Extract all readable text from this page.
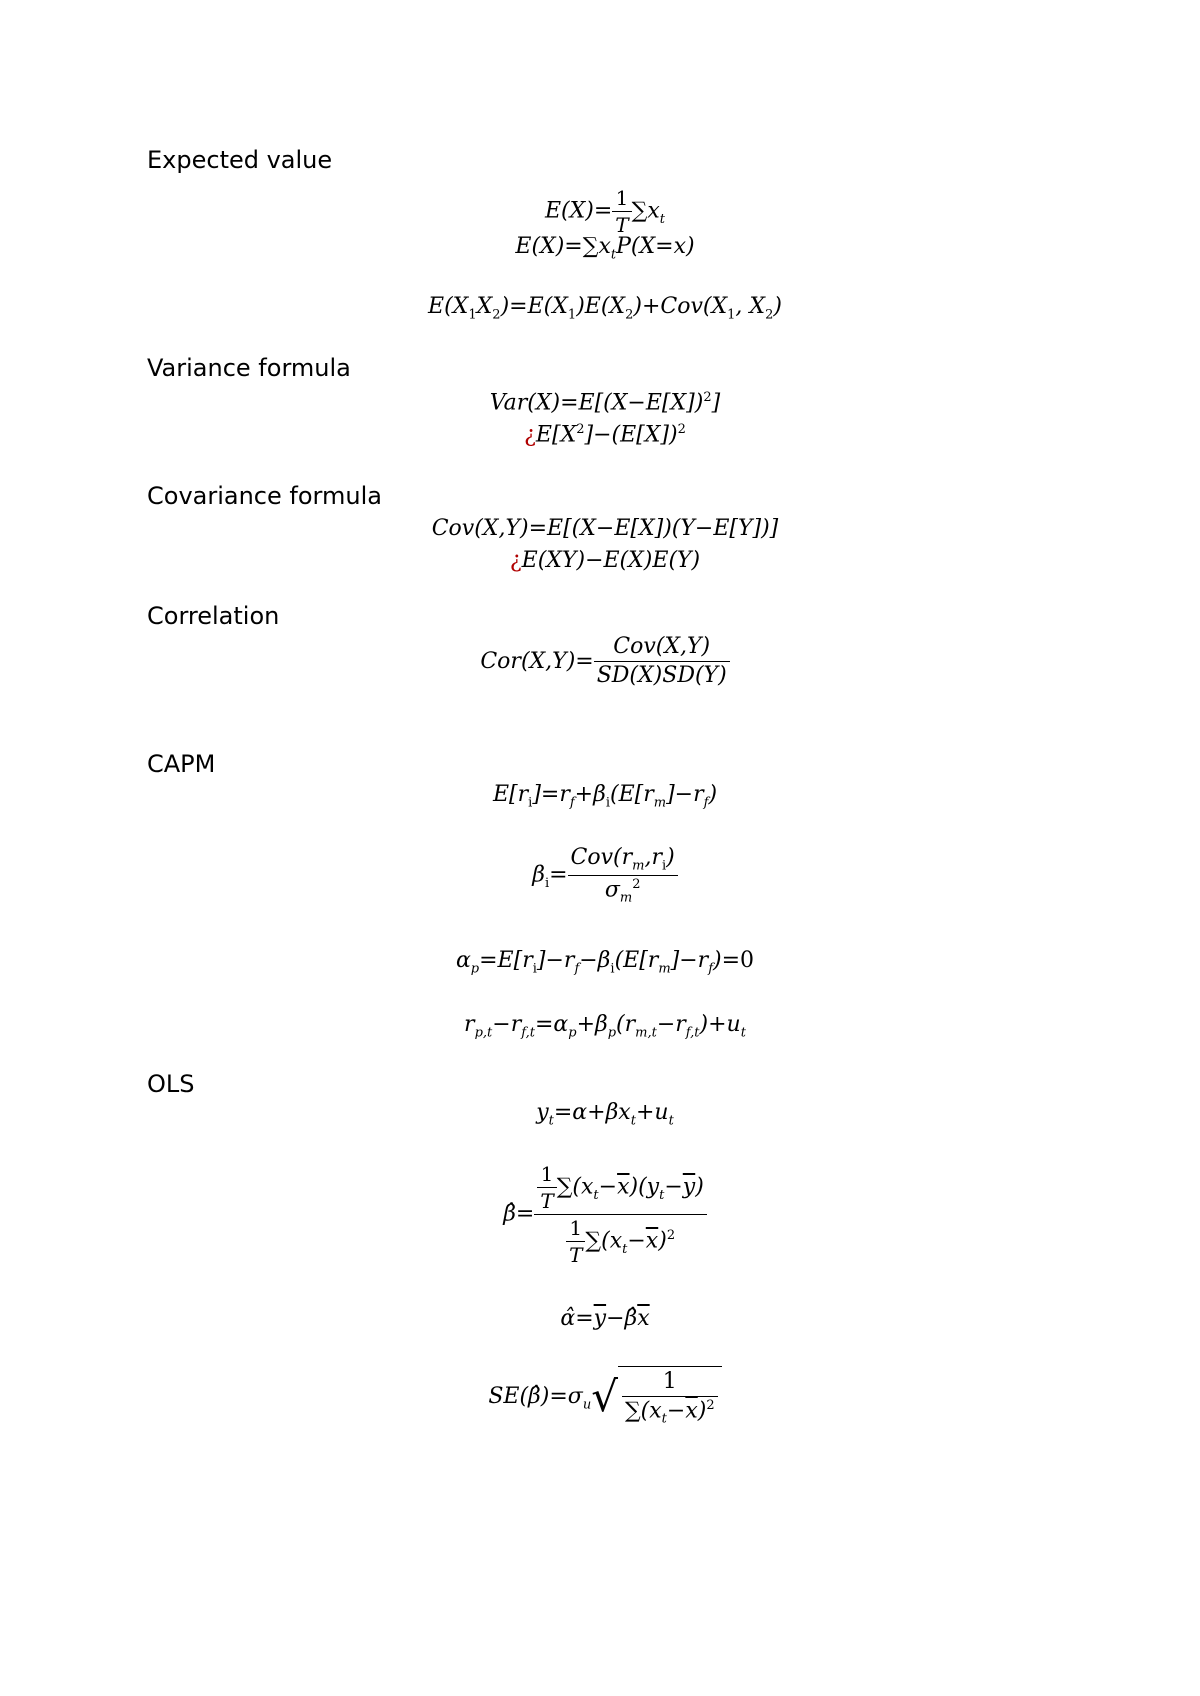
Expected value
$E(X)= \frac{1}{T} \sum x_t$
$E(X)=\sum x_tP(X=x)$
$E(X_1X_2)=E(X_1)E(X_2)+Cov(X_1$, $X_2$)
Variance formula
$Var(X)=E[(X-E[X])^2]$
¿$E[X^2]-(E[X])^2$
Covariance formula
Cov(X,Y)=E[(X−E[X])(Y−E[Y])]
¿E(XY)−E(X)E(Y)
Correlation
$Cor(X,Y)= \frac{\text{Cov(X,Y)}}{SD(X)SD(Y)}$
CAPM
$E[r_i]=r_f+\beta_i(E[r_m]-r_f)$
$\beta_i= \frac{Cov(r_m,r_i)}{\sigma_m^2}$
$\alpha_p=E[r_i]-r_f-\beta_i(E[r_m]-r_f)=0$
$r_{p,t}-r_{f,t}=\alpha_p+\beta_p(r_{m,t}-r_{f,t})+u_t$
OLS
$y_t=\alpha+\beta x_t+u_t$
β̂= $\frac{\frac{1}{T} \sum(x_t-\overline{x})(y_t-\overline{y})}{\frac{1}{T} \sum(x_t-\overline{x})^2}$
$\alphâ=\overline{y}-\betâ\overline{x}$
$SE(\betâ)=\sigma_u√ \frac{1}{\sum(x_t-\overline{x})^2}$
